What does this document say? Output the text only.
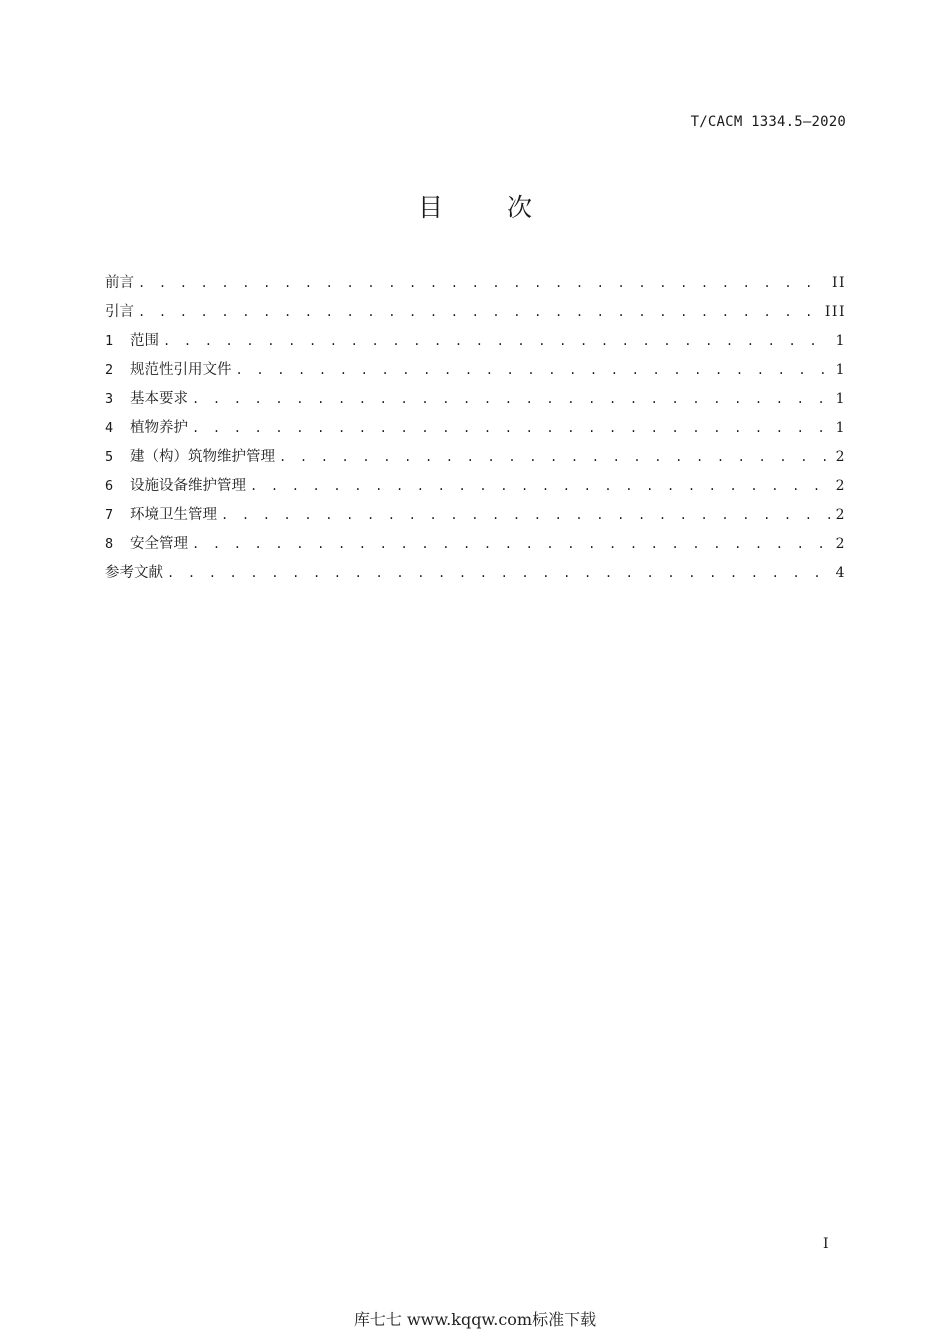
T/CACM 1334.5—2020
目 次
前言 . . .	II
引言 . . .	III
1	范围 . . .	1
2	规范性引用文件 . . .	1
3	基本要求 . . .	1
4	植物养护 . . .	1
5	建（构）筑物维护管理 . . .	2
6	设施设备维护管理 . . .	2
7	环境卫生管理 . . .	2
8	安全管理 . . .	2
参考文献 . . .	4
I
库七七 www.kqqw.com标准下载
